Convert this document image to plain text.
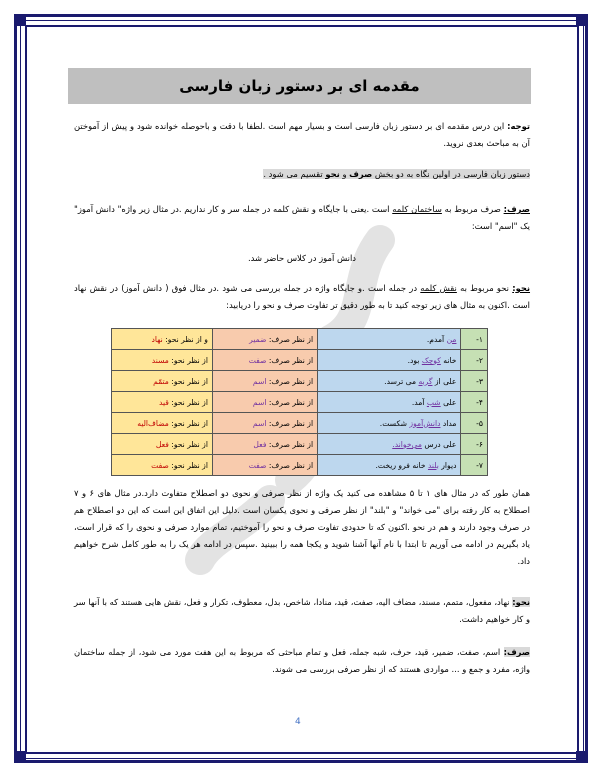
مقدمه ای بر دستور زبان فارسی
توجه: این درس مقدمه ای بر دستور زبان فارسی است و بسیار مهم است .لطفا با دقت و باحوصله خوانده شود و پیش از آموختن آن به مباحث بعدی نروید.
دستور زبان فارسی در اولین نگاه به دو بخش صرف و نحو تقسیم می شود .
صرف: صرف مربوط به ساختمان کلمه است .یعنی با جایگاه و نقش کلمه در جمله سر و کار نداریم .در مثال زیر واژه" دانش آموز" یک "اسم" است:
دانش آموز در کلاس حاضر شد.
نحو: نحو مربوط به نقش کلمه در جمله است .و جایگاه واژه در جمله بررسی می شود .در مثال فوق ( دانش آموز) در نقش نهاد است .اکنون به مثال های زیر توجه کنید تا به طور دقیق تر تفاوت صرف و نحو را دریابید:
۱-	من آمدم.	از نظر صرف: ضمیر	و از نظر نحو: نهاد
۲-	خانه کوچک بود.	از نظر صرف: صفت	از نظر نحو: مسند
۳-	علی از گربه می ترسد.	از نظر صرف: اسم	از نظر نحو: متمّم
۴-	علی شب آمد.	از نظر صرف: اسم	از نظر نحو: قید
۵-	مداد دانش‌آموز شکست.	از نظر صرف: اسم	از نظر نحو: مضاف‌الیه
۶-	علی درس می‌خواند.	از نظر صرف: فعل	از نظر نحو: فعل
۷-	دیوار بلند خانه فرو ریخت.	از نظر صرف: صفت	از نظر نحو: صفت
همان طور که در مثال های ۱ تا ۵ مشاهده می کنید یک واژه از نظر صرفی و نحوی دو اصطلاح متفاوت دارد.در مثال های ۶ و ۷ اصطلاح به کار رفته برای "می خواند" و "بلند" از نظر صرفی و نحوی یکسان است .دلیل این اتفاق این است که این دو اصطلاح هم در صرف وجود دارند و هم در نحو .اکنون که تا حدودی تفاوت صرف و نحو را آموختیم، تمام موارد صرفی و نحوی را که قرار است، یاد بگیریم در ادامه می آوریم تا ابتدا با نام آنها آشنا شوید و یکجا همه را ببینید .سپس در ادامه هر یک را به طور کامل شرح خواهیم داد.
نحو: نهاد، مفعول، متمم، مسند، مضاف الیه، صفت، قید، منادا، شاخص، بدل، معطوف، تکرار و فعل، نقش هایی هستند که با آنها سر و کار خواهیم داشت.
صرف: اسم، صفت، ضمیر، قید، حرف، شبه جمله، فعل و تمام مباحثی که مربوط به این هفت مورد می شود، از جمله ساختمان واژه، مفرد و جمع و ... مواردی هستند که از نظر صرفی بررسی می شوند.
4
